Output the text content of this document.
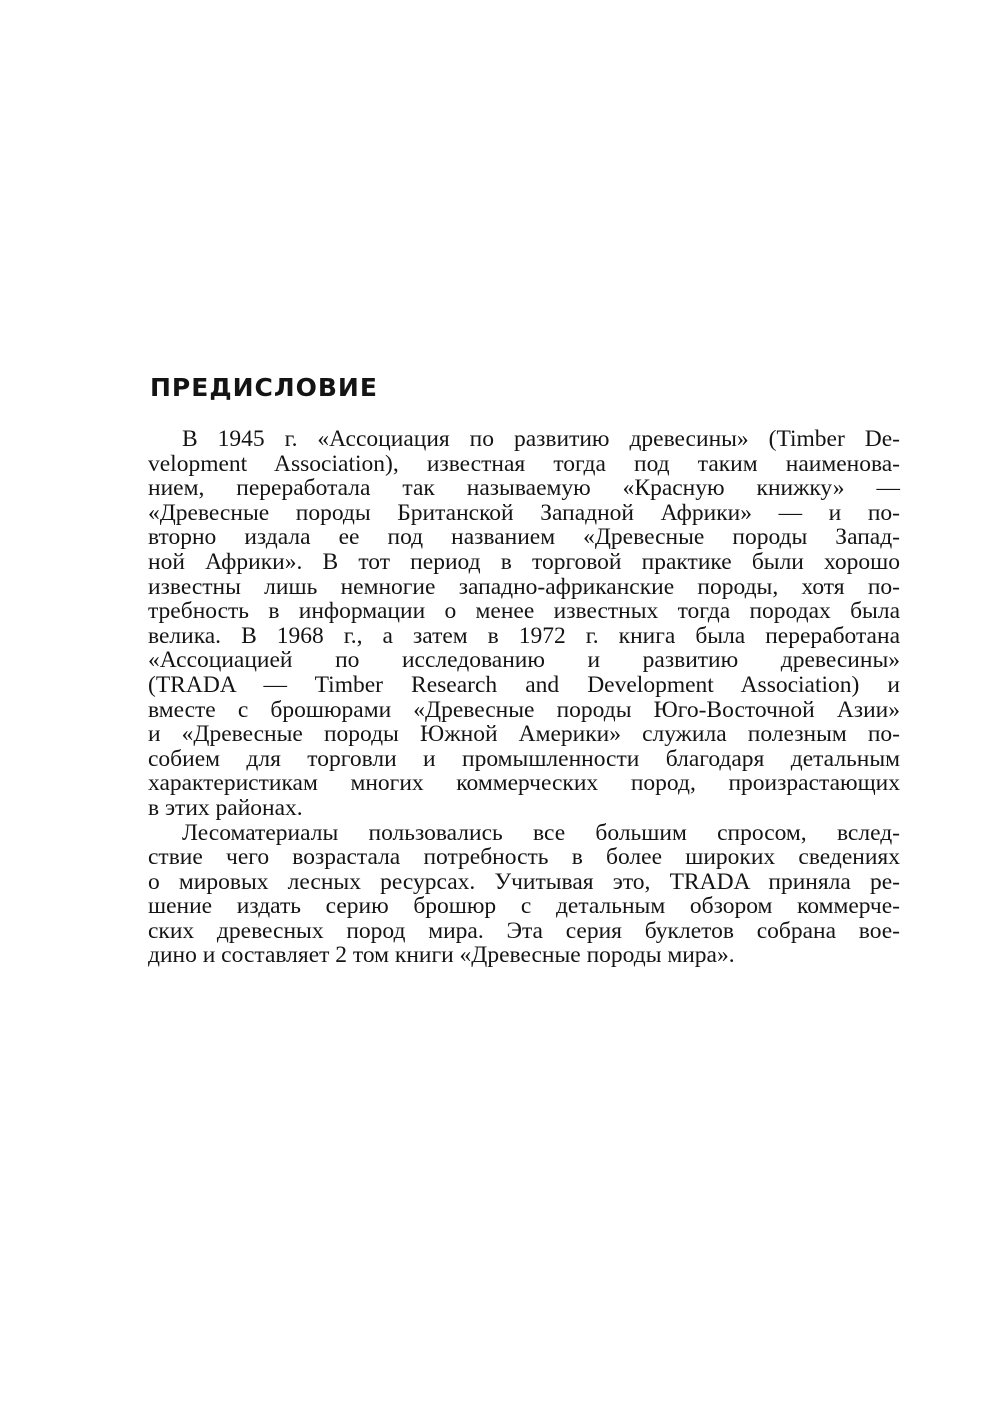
ПРЕДИСЛОВИЕ
В 1945 г. «Ассоциация по развитию древесины» (Timber De-
velopment Association), известная тогда под таким наименова-
нием, переработала так называемую «Красную книжку» —
«Древесные породы Британской Западной Африки» — и по-
вторно издала ее под названием «Древесные породы Запад-
ной Африки». В тот период в торговой практике были хорошо
известны лишь немногие западно-африканские породы, хотя по-
требность в информации о менее известных тогда породах была
велика. В 1968 г., а затем в 1972 г. книга была переработана
«Ассоциацией по исследованию и развитию древесины»
(TRADA — Timber Research and Development Association) и
вместе с брошюрами «Древесные породы Юго-Восточной Азии»
и «Древесные породы Южной Америки» служила полезным по-
собием для торговли и промышленности благодаря детальным
характеристикам многих коммерческих пород, произрастающих
в этих районах.
Лесоматериалы пользовались все большим спросом, вслед-
ствие чего возрастала потребность в более широких сведениях
о мировых лесных ресурсах. Учитывая это, TRADA приняла ре-
шение издать серию брошюр с детальным обзором коммерче-
ских древесных пород мира. Эта серия буклетов собрана вое-
дино и составляет 2 том книги «Древесные породы мира».
